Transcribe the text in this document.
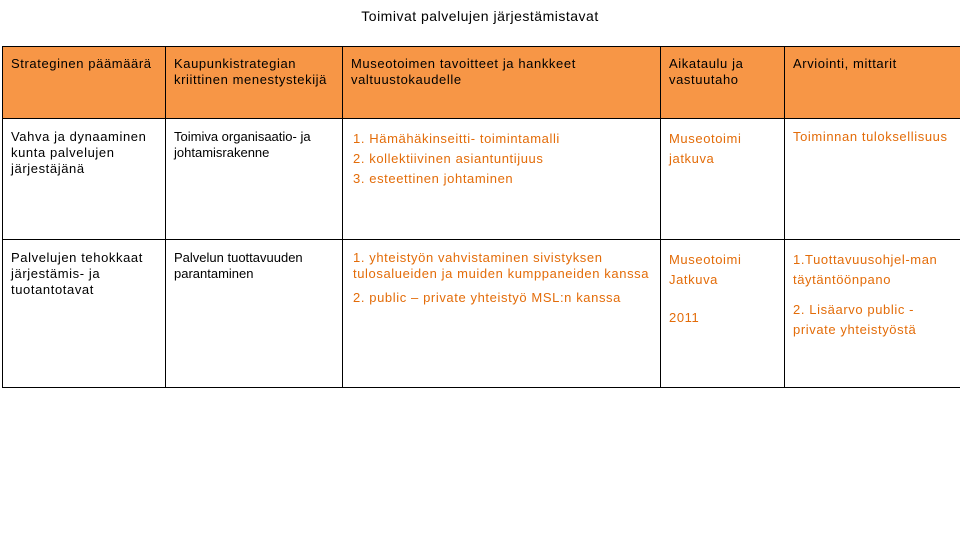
Toimivat palvelujen järjestämistavat
Strateginen päämäärä	Kaupunkistrategian kriittinen menestystekijä	Museotoimen tavoitteet ja hankkeet valtuustokaudelle	Aikataulu ja vastuutaho	Arviointi, mittarit
Vahva ja dynaaminen kunta palvelujen järjestäjänä	Toimiva organisaatio- ja johtamisrakenne	1. Hämähäkinseitti- toimintamalli
2. kollektiivinen asiantuntijuus
3. esteettinen johtaminen	Museotoimi
jatkuva	Toiminnan tuloksellisuus

Palvelujen tehokkaat järjestämis- ja tuotantotavat	Palvelun tuottavuuden parantaminen	1. yhteistyön vahvistaminen sivistyksen tulosalueiden ja muiden kumppaneiden kanssa
2. public – private yhteistyö MSL:n kanssa	Museotoimi
Jatkuva
2011	1.Tuottavuusohjel-man täytäntöönpano
2. Lisäarvo public - private yhteistyöstä
